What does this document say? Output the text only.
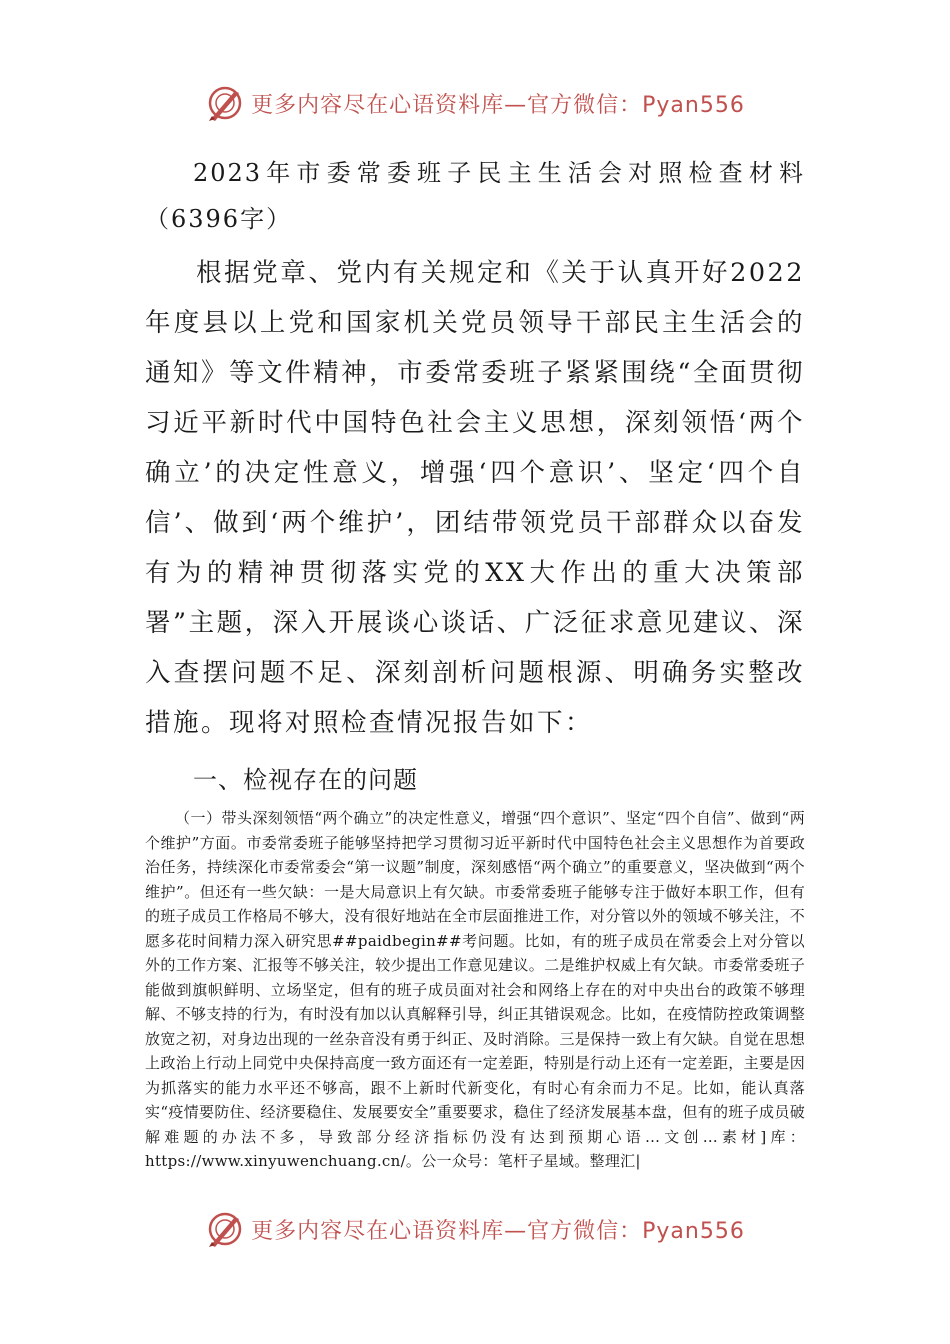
更多内容尽在心语资料库—官方微信：Pyan556
2023年市委常委班子民主生活会对照检查材料（6396字）

根据党章、党内有关规定和《关于认真开好2022年度县以上党和国家机关党员领导干部民主生活会的通知》等文件精神，市委常委班子紧紧围绕“全面贯彻习近平新时代中国特色社会主义思想，深刻领悟‘两个确立’的决定性意义，增强‘四个意识’、坚定‘四个自信’、做到‘两个维护’，团结带领党员干部群众以奋发有为的精神贯彻落实党的XX大作出的重大决策部署”主题，深入开展谈心谈话、广泛征求意见建议、深入查摆问题不足、深刻剖析问题根源、明确务实整改措施。现将对照检查情况报告如下：

一、检视存在的问题

（一）带头深刻领悟“两个确立”的决定性意义，增强“四个意识”、坚定“四个自信”、做到“两个维护”方面。市委常委班子能够坚持把学习贯彻习近平新时代中国特色社会主义思想作为首要政治任务，持续深化市委常委会“第一议题”制度，深刻感悟“两个确立”的重要意义，坚决做到“两个维护”。但还有一些欠缺：一是大局意识上有欠缺。市委常委班子能够专注于做好本职工作，但有的班子成员工作格局不够大，没有很好地站在全市层面推进工作，对分管以外的领域不够关注，不愿多花时间精力深入研究思##paidbegin##考问题。比如，有的班子成员在常委会上对分管以外的工作方案、汇报等不够关注，较少提出工作意见建议。二是维护权威上有欠缺。市委常委班子能做到旗帜鲜明、立场坚定，但有的班子成员面对社会和网络上存在的对中央出台的政策不够理解、不够支持的行为，有时没有加以认真解释引导，纠正其错误观念。比如，在疫情防控政策调整放宽之初，对身边出现的一丝杂音没有勇于纠正、及时消除。三是保持一致上有欠缺。自觉在思想上政治上行动上同党中央保持高度一致方面还有一定差距，特别是行动上还有一定差距，主要是因为抓落实的能力水平还不够高，跟不上新时代新变化，有时心有余而力不足。比如，能认真落实“疫情要防住、经济要稳住、发展要安全”重要要求，稳住了经济发展基本盘，但有的班子成员破解难题的办法不多，导致部分经济指标仍没有达到预期心语…文创…素材]库：https://www.xinyuwenchuang.cn/。公一众号：笔杆子星域。整理汇|

更多内容尽在心语资料库—官方微信：Pyan556
